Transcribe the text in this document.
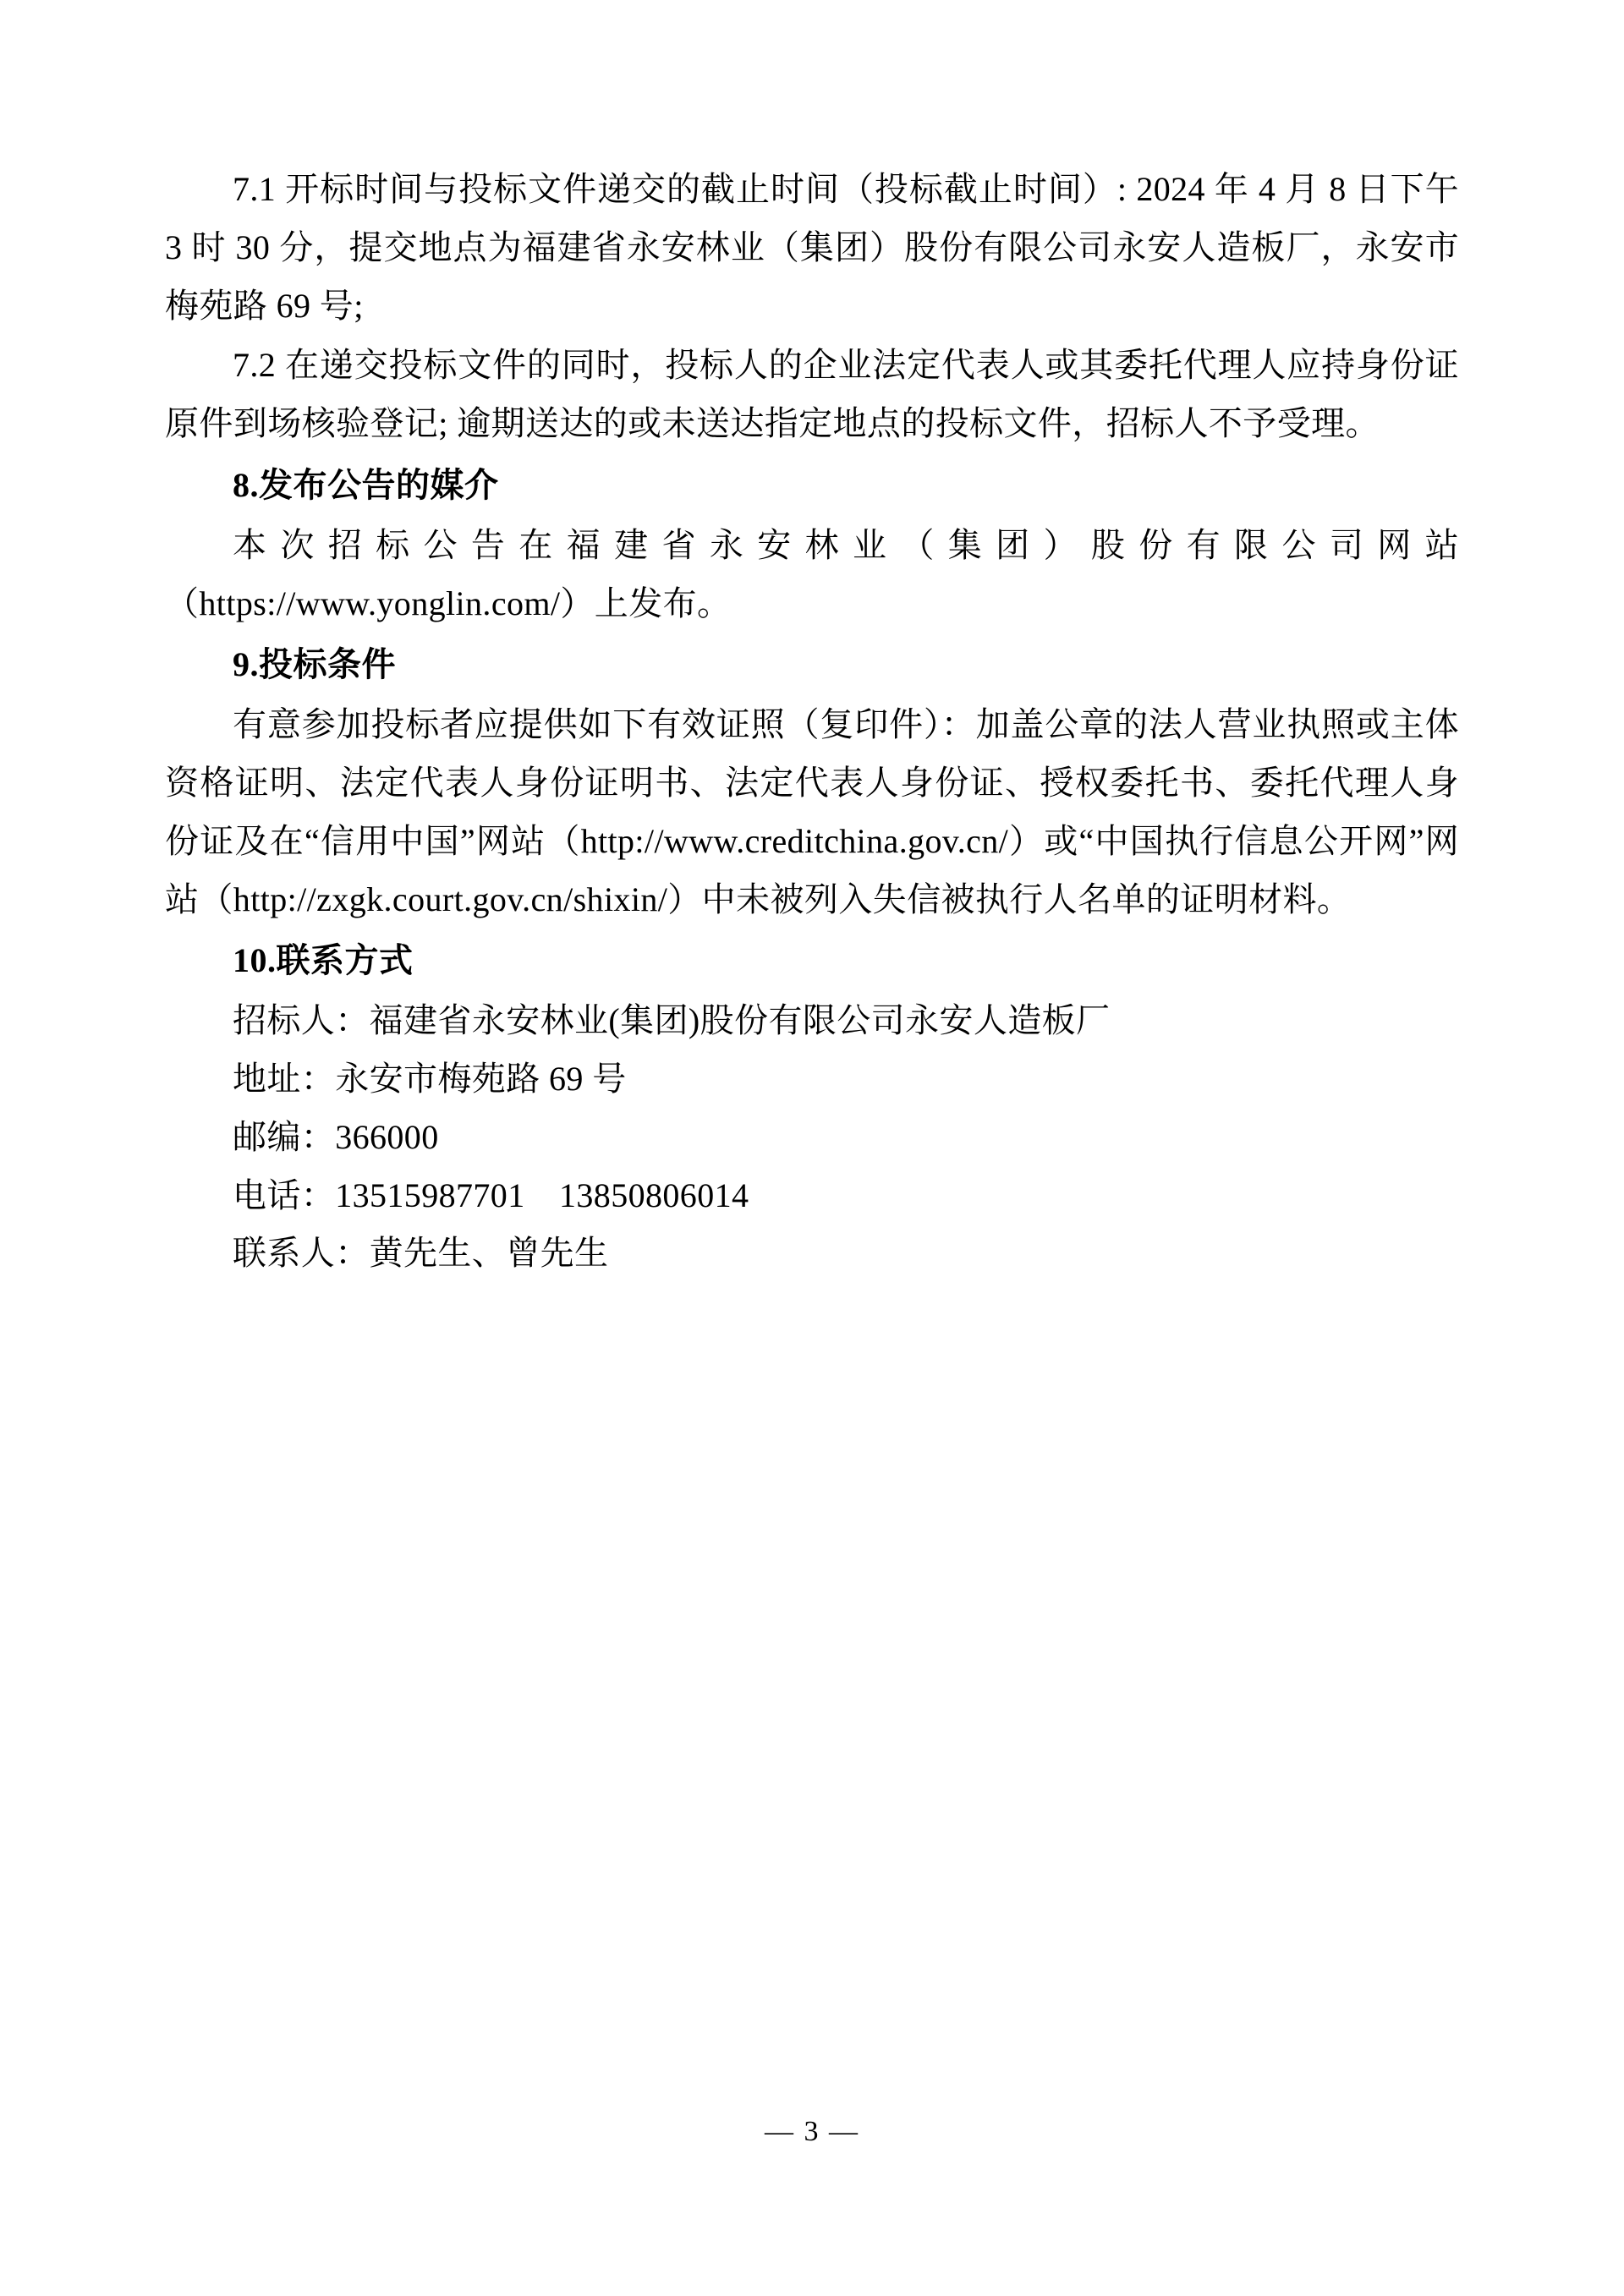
7.1 开标时间与投标文件递交的截止时间（投标截止时间）: 2024 年 4 月 8 日下午 3 时 30 分，提交地点为福建省永安林业（集团）股份有限公司永安人造板厂，永安市梅苑路 69 号;

7.2 在递交投标文件的同时，投标人的企业法定代表人或其委托代理人应持身份证原件到场核验登记; 逾期送达的或未送达指定地点的投标文件，招标人不予受理。

8.发布公告的媒介

本次招标公告在福建省永安林业（集团）股份有限公司网站（https://www.yonglin.com/）上发布。

9.投标条件

有意参加投标者应提供如下有效证照（复印件）：加盖公章的法人营业执照或主体资格证明、法定代表人身份证明书、法定代表人身份证、授权委托书、委托代理人身份证及在“信用中国”网站（http://www.creditchina.gov.cn/）或“中国执行信息公开网”网站（http://zxgk.court.gov.cn/shixin/）中未被列入失信被执行人名单的证明材料。

10.联系方式

招标人：福建省永安林业(集团)股份有限公司永安人造板厂

地址：永安市梅苑路 69 号

邮编：366000

电话：13515987701　13850806014

联系人：黄先生、曾先生

— 3 —
